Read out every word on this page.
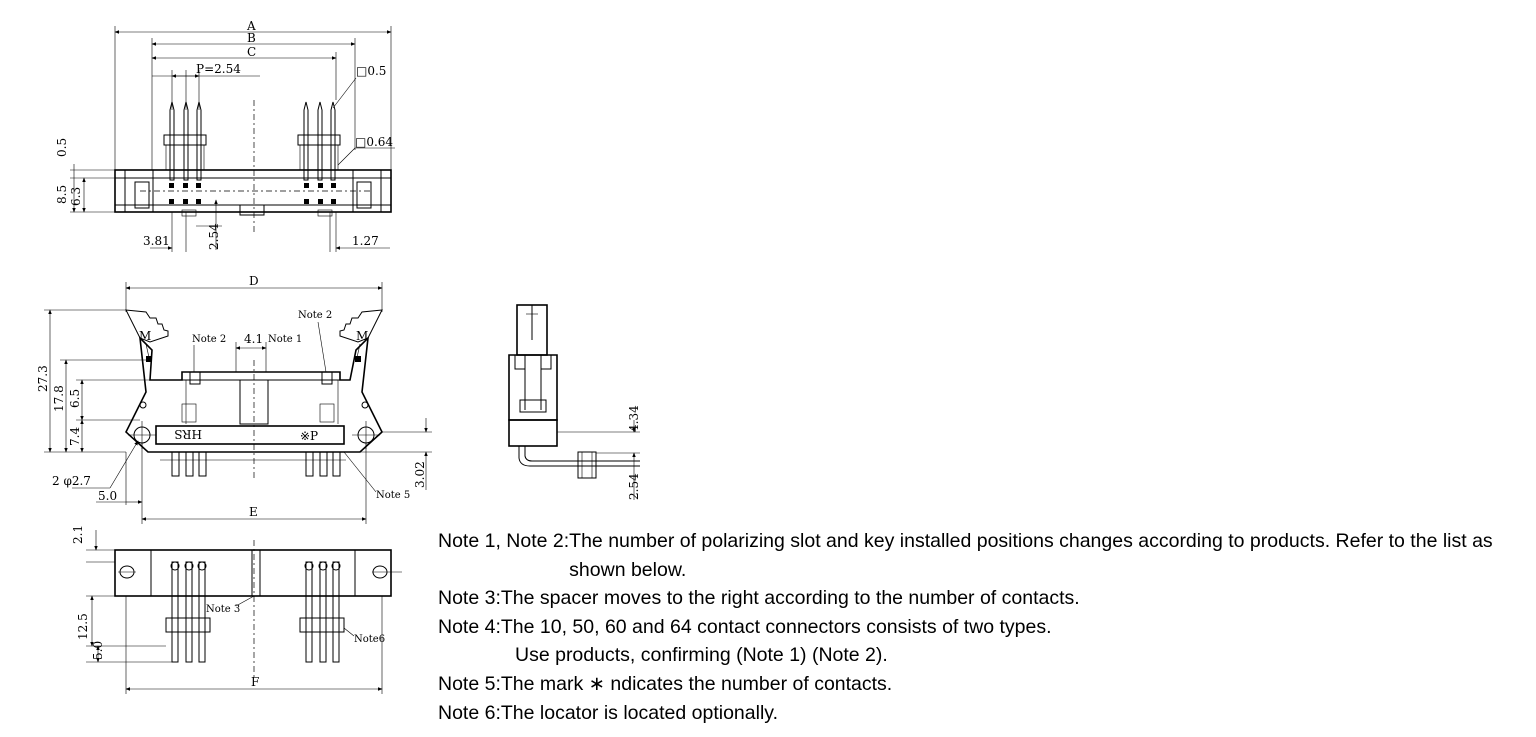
A
B
C
P=2.54	□0.5
□0.64
0.5
8.5 6.3
3.81	2.54	1.27
D
HRS	※P
M	M
Note 2	Note 1
Note 2
4.1
27.3
17.8 6.5
7.4
2 φ2.7
5.0
E
3.02
Note 5
2.1
Note 3
Note6
12.5
5.0
F
4.34
2.54
Note 1, Note 2: The number of polarizing slot and key installed positions changes according to products. Refer to the list as shown below.
Note 3: The spacer moves to the right according to the number of contacts.
Note 4: The 10, 50, 60 and 64 contact connectors consists of two types.
Use products, confirming (Note 1) (Note 2).
Note 5: The mark ∗ ndicates the number of contacts.
Note 6: The locator is located optionally.
